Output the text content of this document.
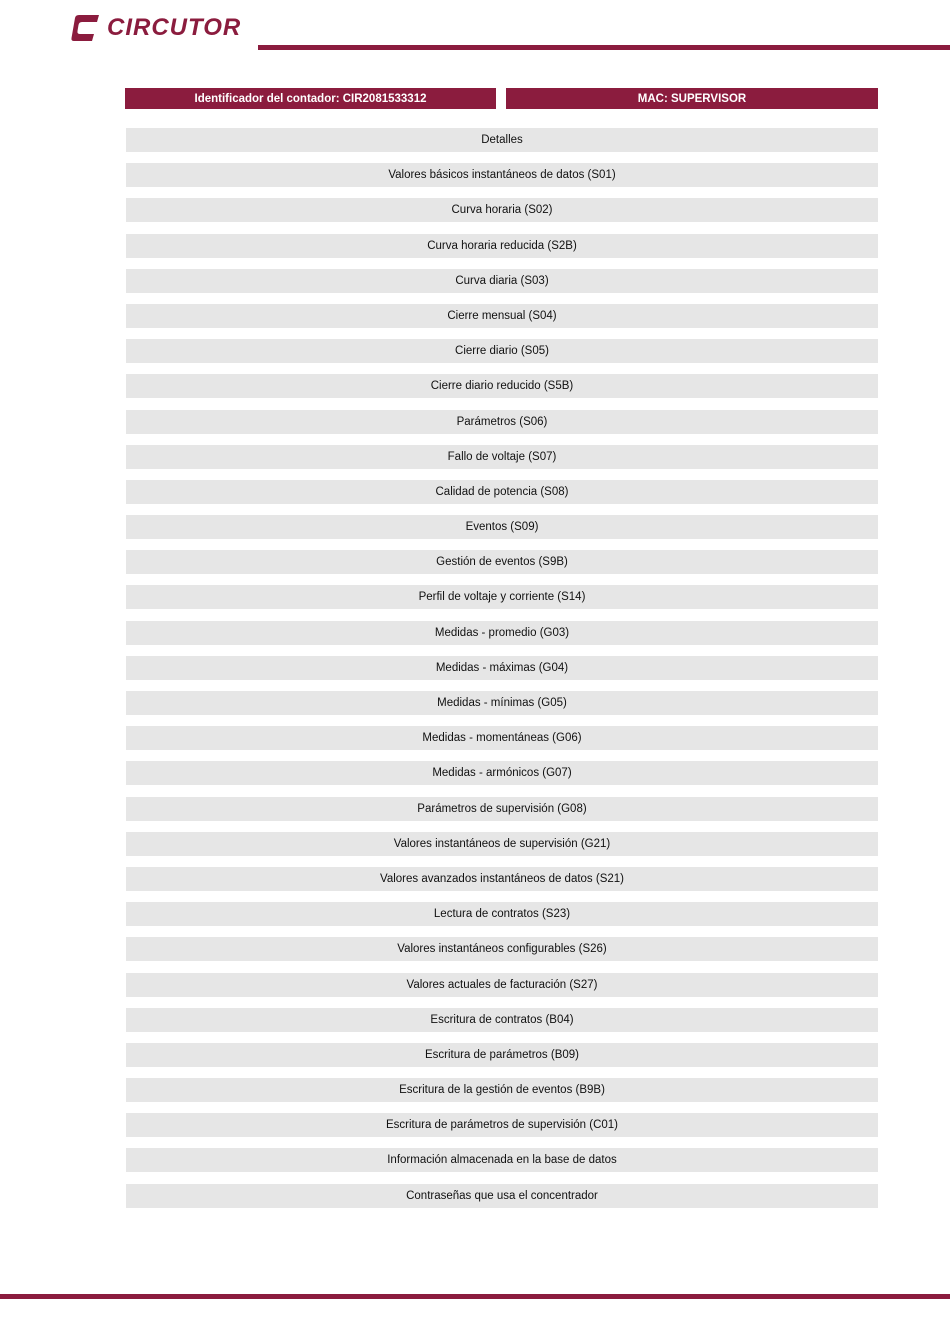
CIRCUTOR
Identificador del contador: CIR2081533312	MAC: SUPERVISOR
Detalles
Valores básicos instantáneos de datos (S01)
Curva horaria (S02)
Curva horaria reducida (S2B)
Curva diaria (S03)
Cierre mensual (S04)
Cierre diario (S05)
Cierre diario reducido (S5B)
Parámetros (S06)
Fallo de voltaje (S07)
Calidad de potencia (S08)
Eventos (S09)
Gestión de eventos (S9B)
Perfil de voltaje y corriente (S14)
Medidas - promedio (G03)
Medidas - máximas (G04)
Medidas - mínimas (G05)
Medidas - momentáneas (G06)
Medidas - armónicos (G07)
Parámetros de supervisión (G08)
Valores instantáneos de supervisión (G21)
Valores avanzados instantáneos de datos (S21)
Lectura de contratos (S23)
Valores instantáneos configurables (S26)
Valores actuales de facturación (S27)
Escritura de contratos (B04)
Escritura de parámetros (B09)
Escritura de la gestión de eventos (B9B)
Escritura de parámetros de supervisión (C01)
Información almacenada en la base de datos
Contraseñas que usa el concentrador
